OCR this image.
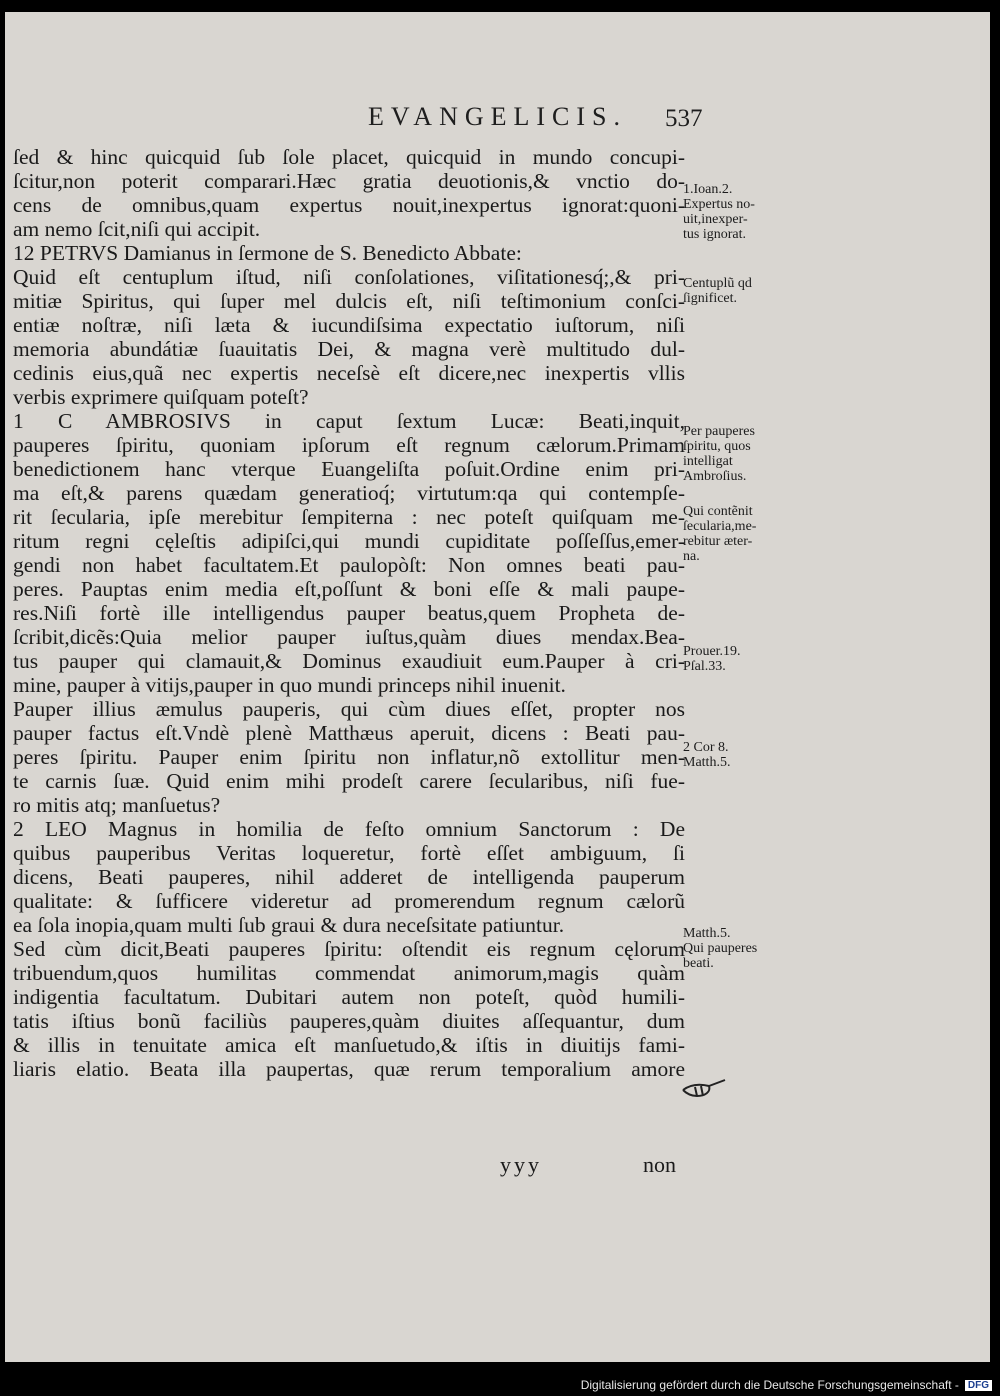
EVANGELICIS.	537
ſed & hinc quicquid ſub ſole placet, quicquid in mundo concupi-
ſcitur,non poterit comparari.Hæc gratia deuotionis,& vnctio do-
cens de omnibus,quam expertus nouit,inexpertus ignorat:quoni-
am nemo ſcit,niſi qui accipit.
12 PETRVS Damianus in ſermone de S. Benedicto Abbate:
Quid eſt centuplum iſtud, niſi conſolationes, viſitationesq́;,& pri-
mitiæ Spiritus, qui ſuper mel dulcis eſt, niſi teſtimonium conſci-
entiæ noſtræ, niſi læta & iucundiſsima expectatio iuſtorum, niſi
memoria abundátiæ ſuauitatis Dei, & magna verè multitudo dul-
cedinis eius,quã nec expertis neceſsè eſt dicere,nec inexpertis vllis
verbis exprimere quiſquam poteſt?
1 C AMBROSIVS in caput ſextum Lucæ: Beati,inquit,
pauperes ſpiritu, quoniam ipſorum eſt regnum cælorum.Primam
benedictionem hanc vterque Euangeliſta poſuit.Ordine enim pri-
ma eſt,& parens quædam generatioq́; virtutum:qa qui contempſe-
rit ſecularia, ipſe merebitur ſempiterna : nec poteſt quiſquam me-
ritum regni cęleſtis adipiſci,qui mundi cupiditate poſſeſſus,emer-
gendi non habet facultatem.Et paulopòſt: Non omnes beati pau-
peres. Pauptas enim media eſt,poſſunt & boni eſſe & mali paupe-
res.Niſi fortè ille intelligendus pauper beatus,quem Propheta de-
ſcribit,dicẽs:Quia melior pauper iuſtus,quàm diues mendax.Bea-
tus pauper qui clamauit,& Dominus exaudiuit eum.Pauper à cri-
mine, pauper à vitijs,pauper in quo mundi princeps nihil inuenit.
Pauper illius æmulus pauperis, qui cùm diues eſſet, propter nos
pauper factus eſt.Vndè plenè Matthæus aperuit, dicens : Beati pau-
peres ſpiritu. Pauper enim ſpiritu non inflatur,nõ extollitur men-
te carnis ſuæ. Quid enim mihi prodeſt carere ſecularibus, niſi fue-
ro mitis atq; manſuetus?
2 LEO Magnus in homilia de feſto omnium Sanctorum : De
quibus pauperibus Veritas loqueretur, fortè eſſet ambiguum, ſi
dicens, Beati pauperes, nihil adderet de intelligenda pauperum
qualitate: & ſufficere videretur ad promerendum regnum cælorũ
ea ſola inopia,quam multi ſub graui & dura neceſsitate patiuntur.
Sed cùm dicit,Beati pauperes ſpiritu: oſtendit eis regnum cęlorum
tribuendum,quos humilitas commendat animorum,magis quàm
indigentia facultatum. Dubitari autem non poteſt, quòd humili-
tatis iſtius bonũ faciliùs pauperes,quàm diuites aſſequantur, dum
& illis in tenuitate amica eſt manſuetudo,& iſtis in diuitijs fami-
liaris elatio. Beata illa paupertas, quæ rerum temporalium amore
1.Ioan.2.
Expertus no-
uit,inexper-
tus ignorat.
Centuplũ qd
ſignificet.
Per pauperes
ſpiritu, quos
intelligat
Ambroſius.
Qui contẽnit
ſecularia,me-
rebitur æter-
na.
Prouer.19.
Pſal.33.
2 Cor 8.
Matth.5.
Matth.5.
Qui pauperes
beati.
yyy	non
Digitalisierung gefördert durch die Deutsche Forschungsgemeinschaft - DFG
